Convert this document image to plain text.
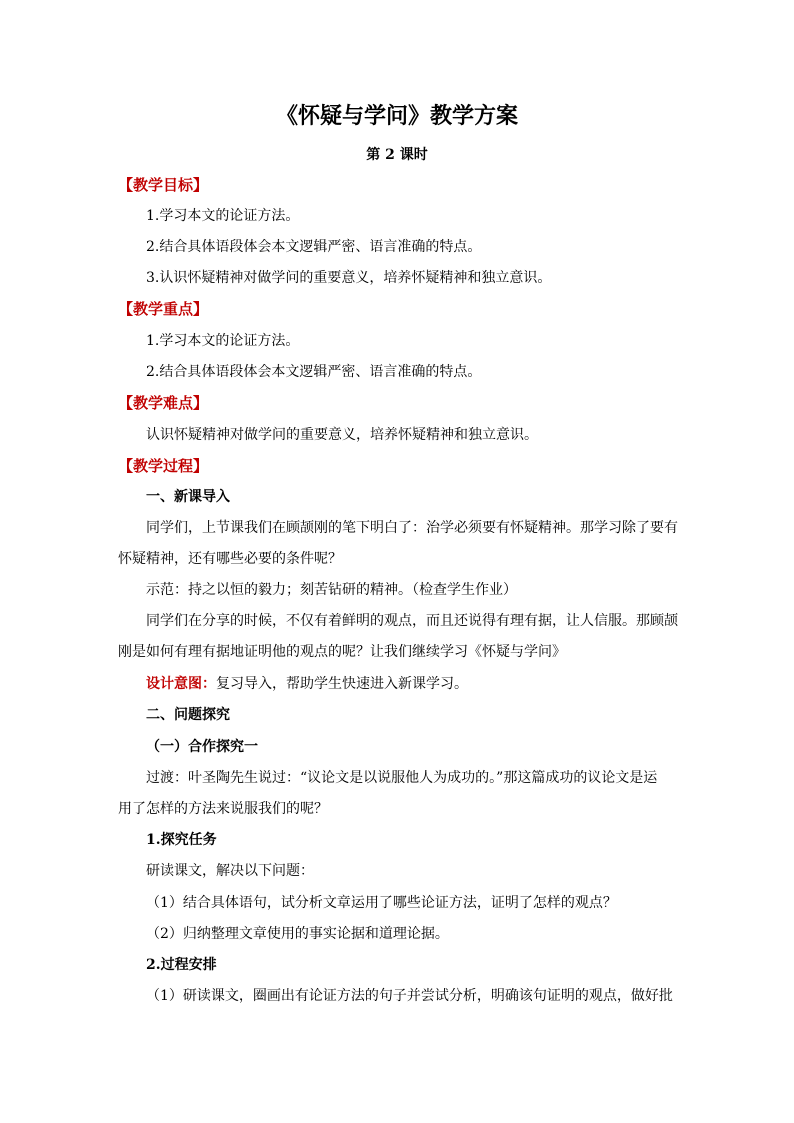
《怀疑与学问》教学方案
第 2 课时
【教学目标】
1.学习本文的论证方法。
2.结合具体语段体会本文逻辑严密、语言准确的特点。
3.认识怀疑精神对做学问的重要意义，培养怀疑精神和独立意识。
【教学重点】
1.学习本文的论证方法。
2.结合具体语段体会本文逻辑严密、语言准确的特点。
【教学难点】
认识怀疑精神对做学问的重要意义，培养怀疑精神和独立意识。
【教学过程】
一、新课导入
同学们，上节课我们在顾颉刚的笔下明白了：治学必须要有怀疑精神。那学习除了要有
怀疑精神，还有哪些必要的条件呢？
示范：持之以恒的毅力；刻苦钻研的精神。（检查学生作业）
同学们在分享的时候，不仅有着鲜明的观点，而且还说得有理有据，让人信服。那顾颉
刚是如何有理有据地证明他的观点的呢？让我们继续学习《怀疑与学问》
设计意图：复习导入，帮助学生快速进入新课学习。
二、问题探究
（一）合作探究一
过渡：叶圣陶先生说过：“议论文是以说服他人为成功的。”那这篇成功的议论文是运
用了怎样的方法来说服我们的呢？
1.探究任务
研读课文，解决以下问题：
（1）结合具体语句，试分析文章运用了哪些论证方法，证明了怎样的观点？
（2）归纳整理文章使用的事实论据和道理论据。
2.过程安排
（1）研读课文，圈画出有论证方法的句子并尝试分析，明确该句证明的观点，做好批
